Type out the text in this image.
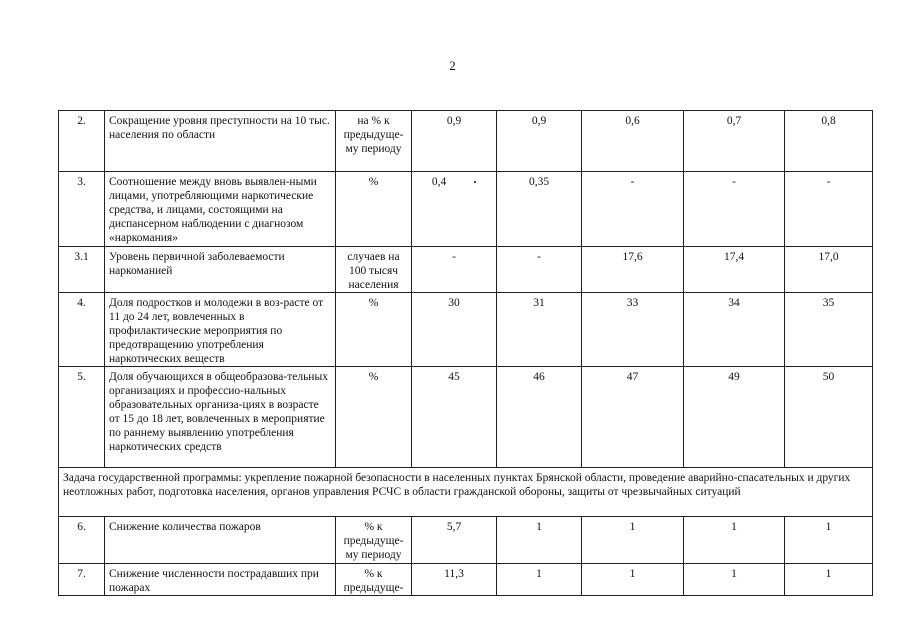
2
2.	Сокращение уровня преступности на 10 тыс. населения по области	на % к предыдуще-му периоду	0,9	0,9	0,6	0,7	0,8
3.	Соотношение между вновь выявлен-ными лицами, употребляющими наркотические средства, и лицами, состоящими на диспансерном наблюдении с диагнозом «наркомания»	%	0,4	0,35	-	-	-
3.1	Уровень первичной заболеваемости наркоманией	случаев на 100 тысяч населения	-	-	17,6	17,4	17,0
4.	Доля подростков и молодежи в воз-расте от 11 до 24 лет, вовлеченных в профилактические мероприятия по предотвращению употребления наркотических веществ	%	30	31	33	34	35
5.	Доля обучающихся в общеобразова-тельных организациях и профессио-нальных образовательных организа-циях в возрасте от 15 до 18 лет, вовлеченных в мероприятие по раннему выявлению употребления наркотических средств	%	45	46	47	49	50
Задача государственной программы: укрепление пожарной безопасности в населенных пунктах Брянской области, проведение аварийно-спасательных и других неотложных работ, подготовка населения, органов управления РСЧС в области гражданской обороны, защиты от чрезвычайных ситуаций							
6.	Снижение количества пожаров	% к предыдуще-му периоду	5,7	1	1	1	1
7.	Снижение численности пострадавших при пожарах	% к предыдуще-	11,3	1	1	1	1
